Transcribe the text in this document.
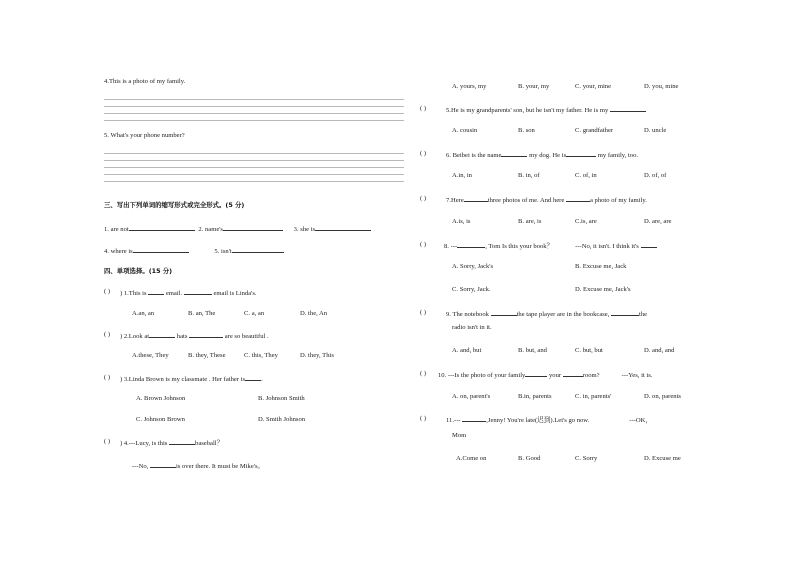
4.This is a photo of my family.
5. What's your phone number?
三、写出下列单词的缩写形式或完全形式。(5 分)
1. are not	2. name's	3. she is
4. where is	5. isn't
四、单项选择。(15 分)
( ) ) 1.This is  email.	email is Linda's.
A.an, an	B. an, The	C. a, an	D. the, An
( ) ) 2.Look at	hats	are so beautiful .
A.these, They	B. they, These	C. this, They	D. they, This
( ) ) 3.Linda Brown is my classmate . Her father is .
A. Brown Johnson	B. Johnson Smith
C. Johnson Brown	D. Smith Johnson
( ) ) 4.---Lucy, is this	baseball？
---No,	is over there. It must be Mike's。
A. yours, my	B. your, my	C. your, mine	D. you, mine
( )	5.He is my grandparents' son, but he isn't my father. He is my
A. cousin	B. son	C. grandfather	D. uncle
( )	6. Beibei is the name	my dog. He is	my family, too.
A.in, in	B. in, of	C. of, in	D. of, of
( )	7.Here	three photos of me. And here	a photo of my family.
A.is, is	B. are, is	C.is, are	D. are, are
( )	8. ---	, Tom Is this your book？	---No, it isn't. I think it's
A. Sorry, Jack's	B. Excuse me, Jack
C. Sorry, Jack.	D. Excuse me, Jack's
( )	9. The notebook	the tape player are in the bookcase,	the
radio isn't in it.
A. and, but	B. but, and	C. but, but	D. and, and
( ) 10. ---Is the photo of your family	your	room?	---Yes, it is.
A. on, parent's	B.in, parents	C. in, parents'	D. on, parents
( )	11.---	,Jenny! You're late(迟到).Let's go now.	---OK，
Mom
A.Come on	B. Good	C. Sorry	D. Excuse me
